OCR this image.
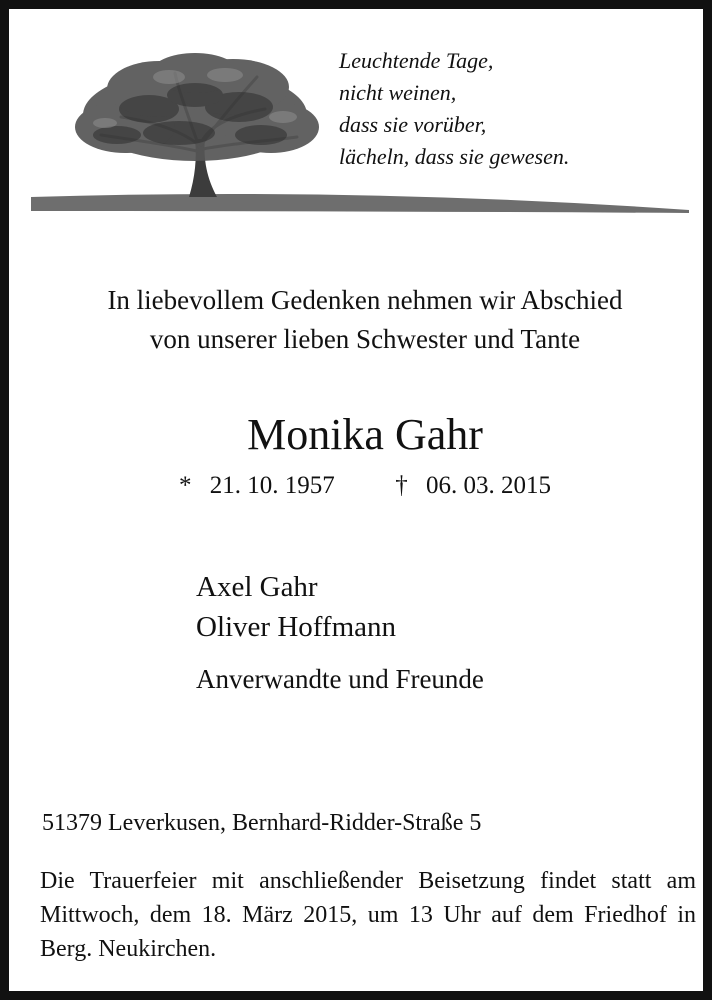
Leuchtende Tage,
nicht weinen,
dass sie vorüber,
lächeln, dass sie gewesen.
In liebevollem Gedenken nehmen wir Abschied
von unserer lieben Schwester und Tante
Monika Gahr
* 21. 10. 1957 † 06. 03. 2015
Axel Gahr
Oliver Hoffmann
Anverwandte und Freunde
51379 Leverkusen, Bernhard-Ridder-Straße 5
Die Trauerfeier mit anschließender Beisetzung findet statt am Mittwoch, dem 18. März 2015, um 13 Uhr auf dem Friedhof in Berg. Neukirchen.
